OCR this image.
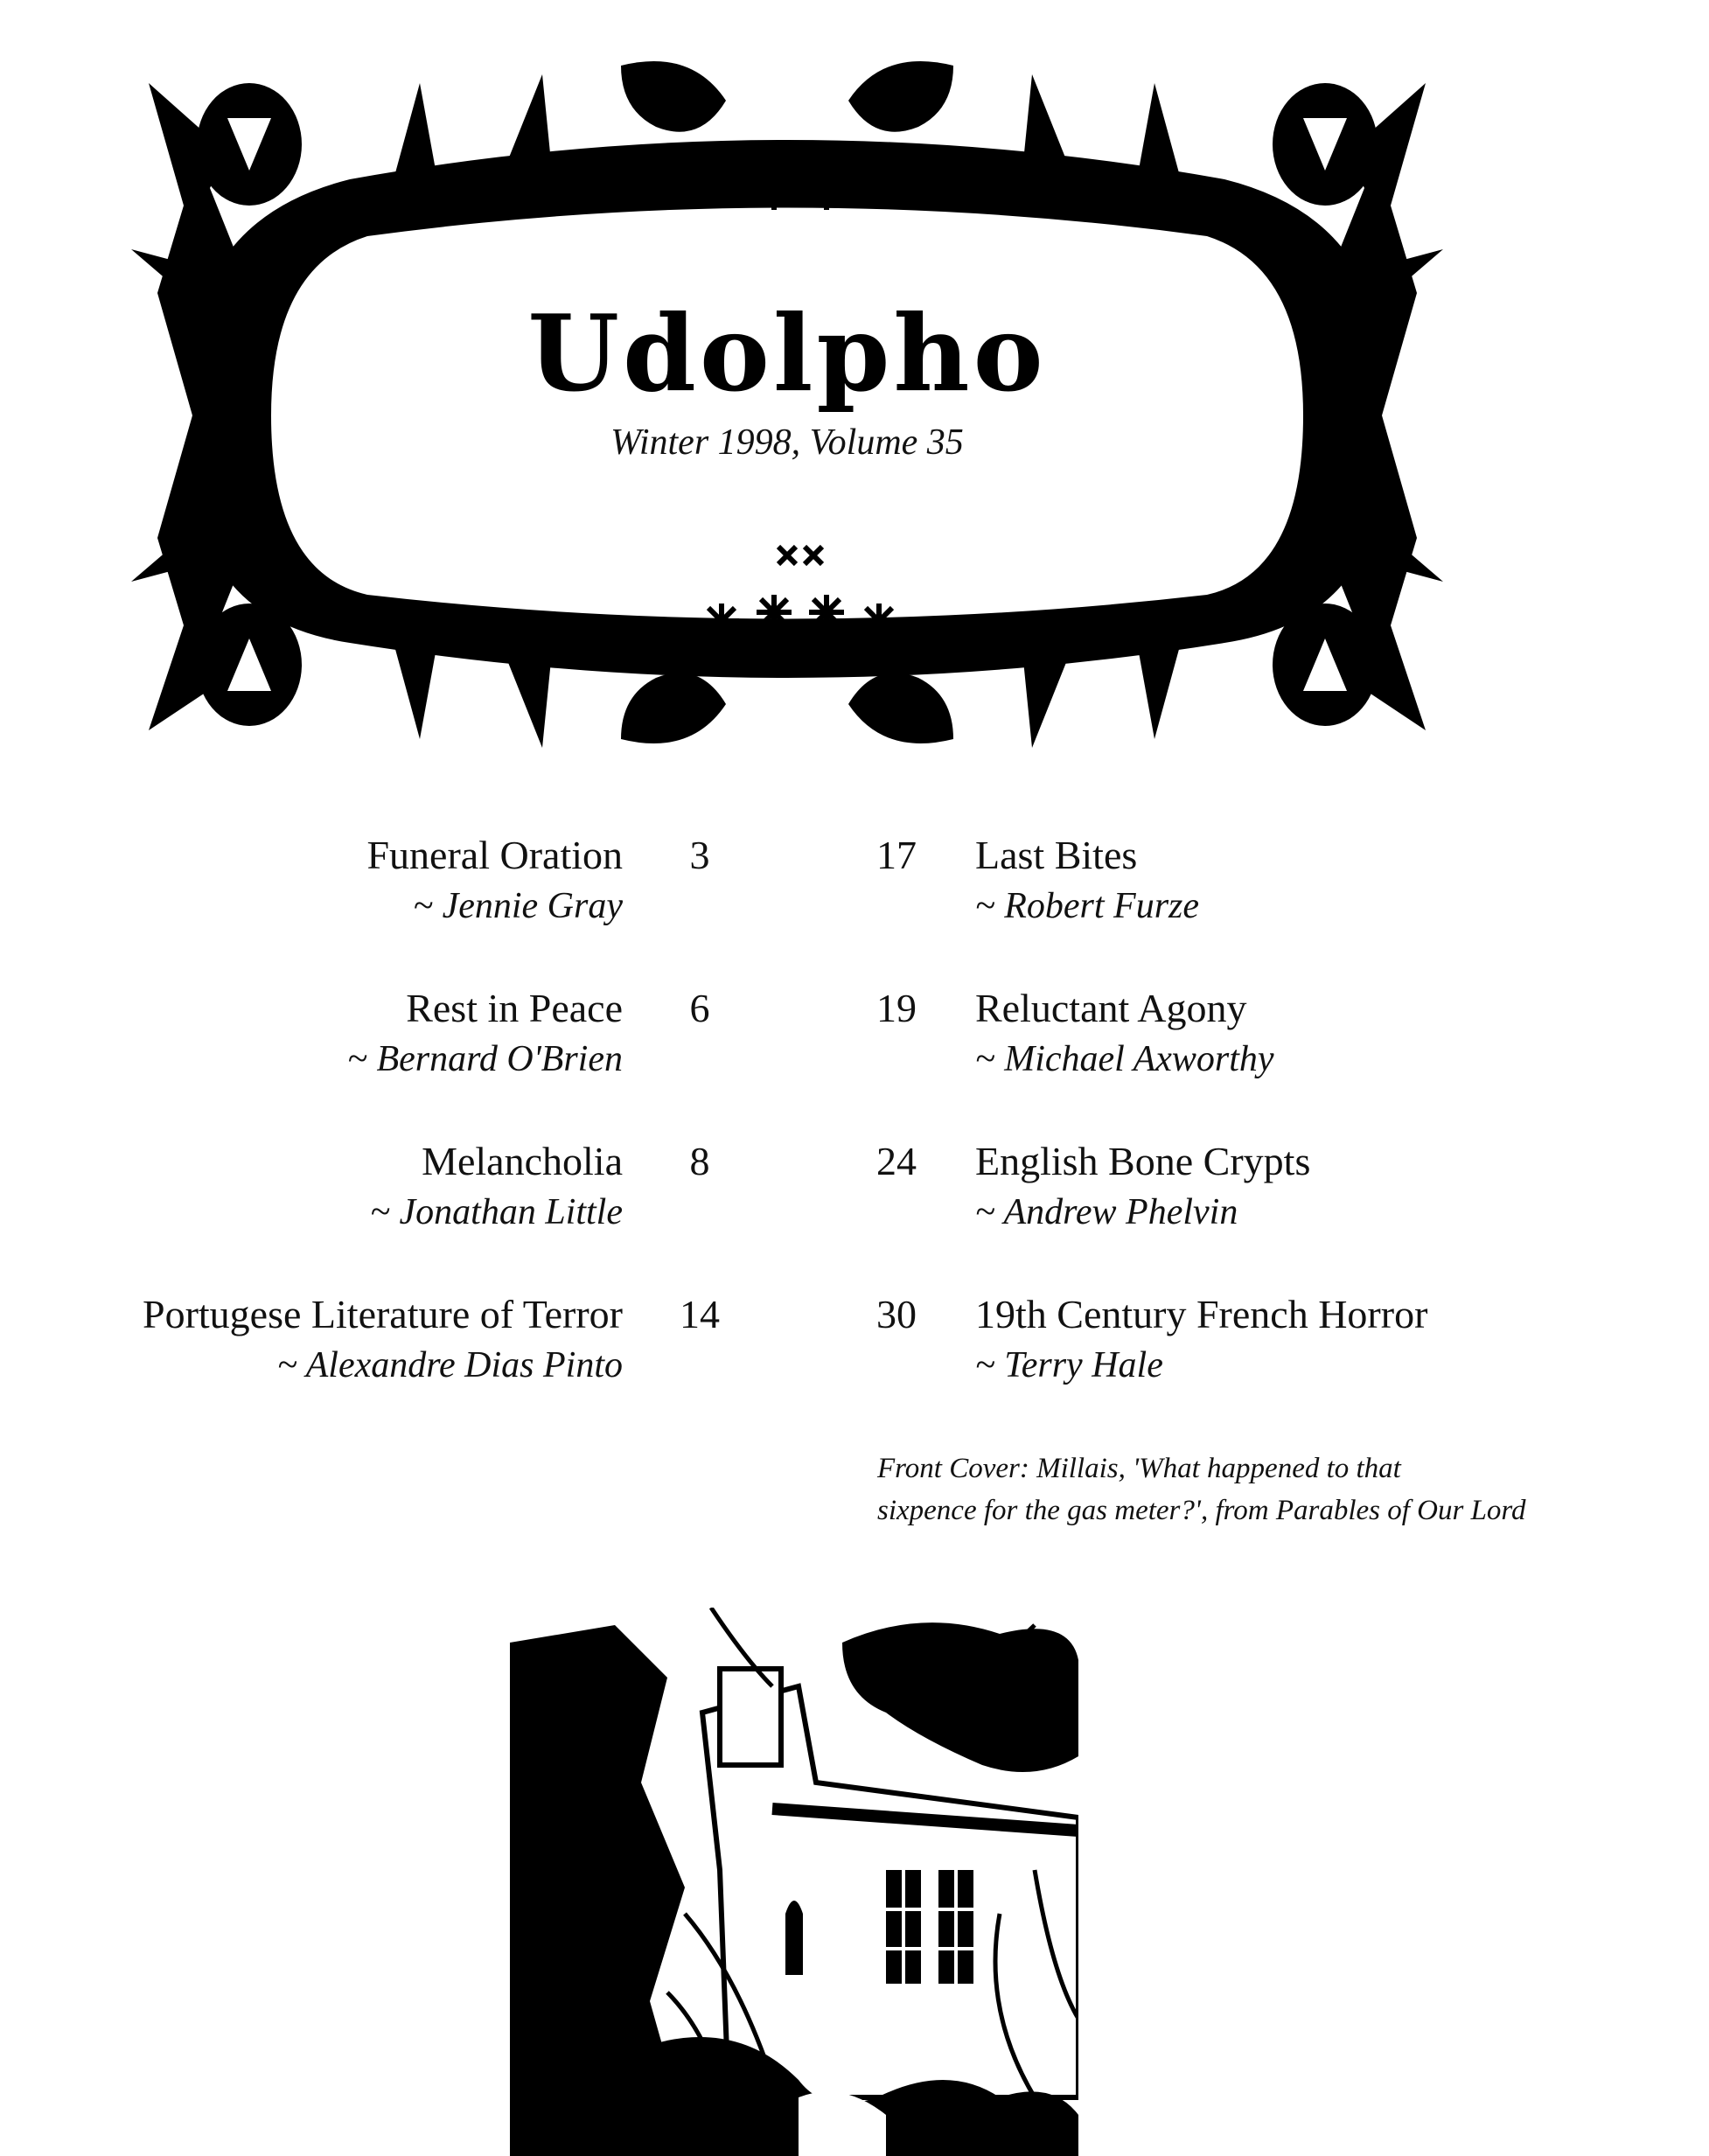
Udolpho
Winter 1998, Volume 35
Funeral Oration	3
~ Jennie Gray
Rest in Peace	6
~ Bernard O'Brien
Melancholia	8
~ Jonathan Little
Portugese Literature of Terror 14
~ Alexandre Dias Pinto
17 Last Bites
~ Robert Furze
19 Reluctant Agony
~ Michael Axworthy
24 English Bone Crypts
~ Andrew Phelvin
30 19th Century French Horror
~ Terry Hale
Front Cover: Millais, 'What happened to that
sixpence for the gas meter?', from Parables of Our Lord
